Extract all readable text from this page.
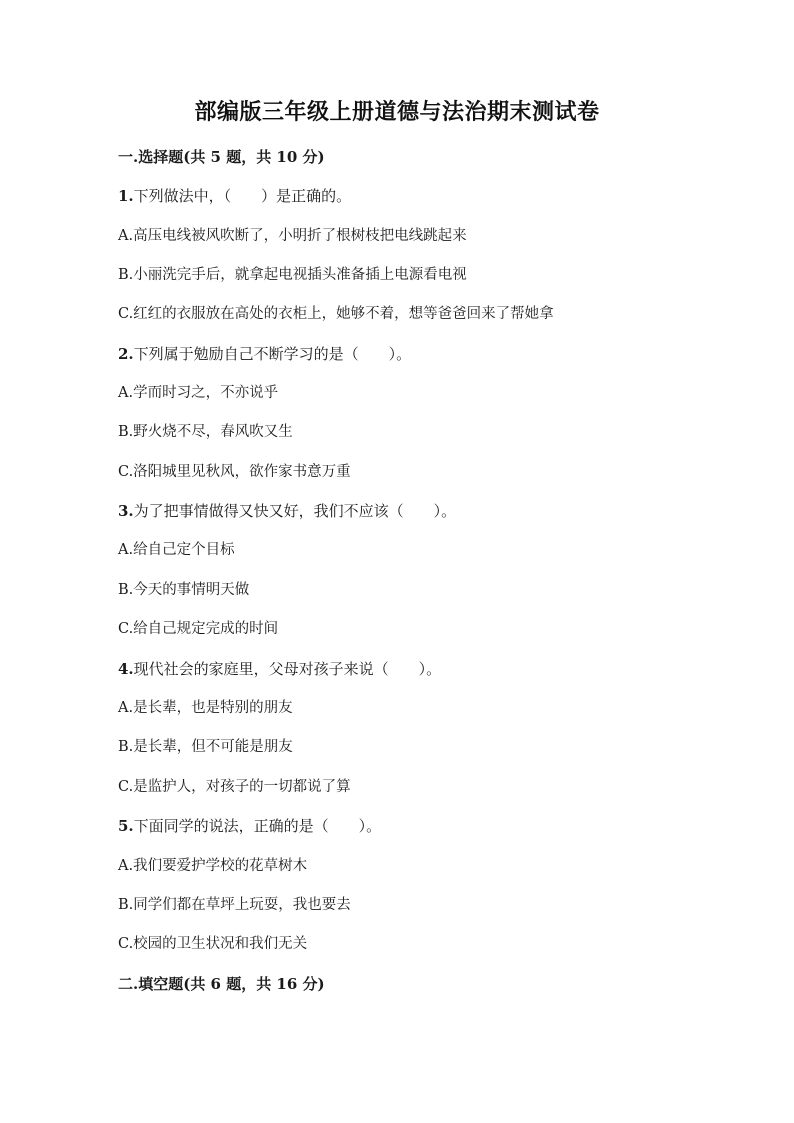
部编版三年级上册道德与法治期末测试卷
一.选择题(共 5 题，共 10 分)
1.下列做法中，（　　）是正确的。
A.高压电线被风吹断了，小明折了根树枝把电线跳起来
B.小丽洗完手后，就拿起电视插头准备插上电源看电视
C.红红的衣服放在高处的衣柜上，她够不着，想等爸爸回来了帮她拿
2.下列属于勉励自己不断学习的是（　　）。
A.学而时习之，不亦说乎
B.野火烧不尽，春风吹又生
C.洛阳城里见秋风，欲作家书意万重
3.为了把事情做得又快又好，我们不应该（　　）。
A.给自己定个目标
B.今天的事情明天做
C.给自己规定完成的时间
4.现代社会的家庭里，父母对孩子来说（　　）。
A.是长辈，也是特别的朋友
B.是长辈，但不可能是朋友
C.是监护人，对孩子的一切都说了算
5.下面同学的说法，正确的是（　　）。
A.我们要爱护学校的花草树木
B.同学们都在草坪上玩耍，我也要去
C.校园的卫生状况和我们无关
二.填空题(共 6 题，共 16 分)
